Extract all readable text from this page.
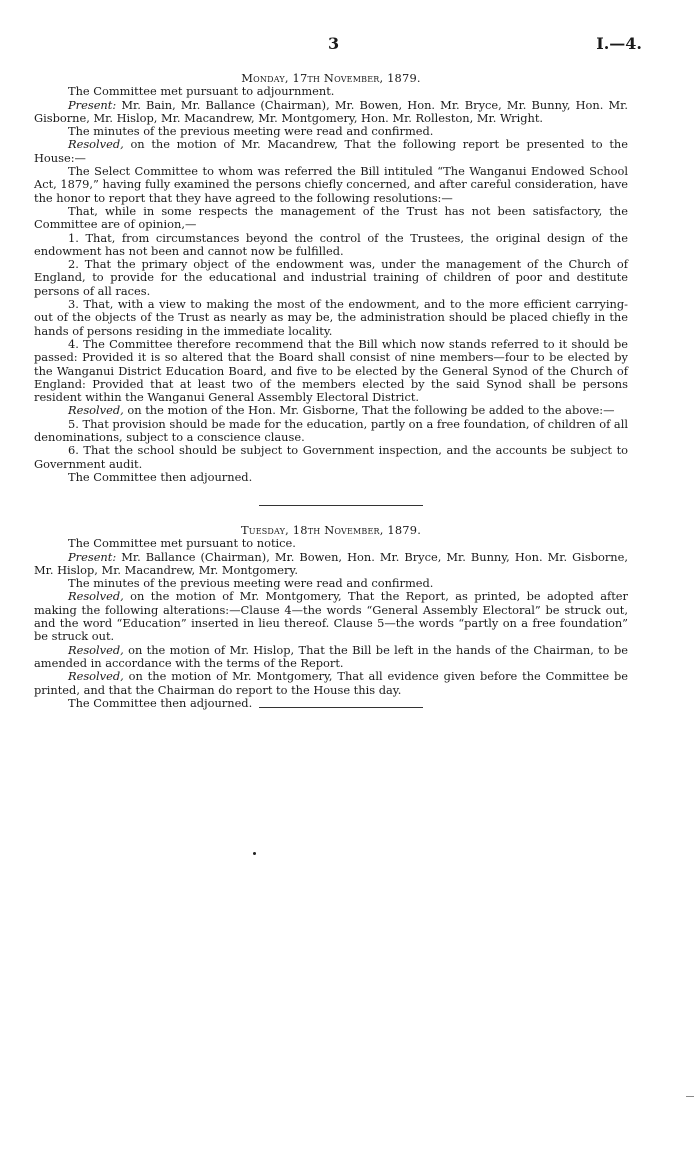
3	I.—4.

Monday, 17th November, 1879.

The Committee met pursuant to adjournment.

Present: Mr. Bain, Mr. Ballance (Chairman), Mr. Bowen, Hon. Mr. Bryce, Mr. Bunny, Hon. Mr. Gisborne, Mr. Hislop, Mr. Macandrew, Mr. Montgomery, Hon. Mr. Rolleston, Mr. Wright.

The minutes of the previous meeting were read and confirmed.

Resolved, on the motion of Mr. Macandrew, That the following report be presented to the House:—

The Select Committee to whom was referred the Bill intituled “The Wanganui Endowed School Act, 1879,” having fully examined the persons chiefly concerned, and after careful consideration, have the honor to report that they have agreed to the following resolutions:—

That, while in some respects the management of the Trust has not been satisfactory, the Committee are of opinion,—

1. That, from circumstances beyond the control of the Trustees, the original design of the endowment has not been and cannot now be fulfilled.

2. That the primary object of the endowment was, under the management of the Church of England, to provide for the educational and industrial training of children of poor and destitute persons of all races.

3. That, with a view to making the most of the endowment, and to the more efficient carrying-out of the objects of the Trust as nearly as may be, the administration should be placed chiefly in the hands of persons residing in the immediate locality.

4. The Committee therefore recommend that the Bill which now stands referred to it should be passed: Provided it is so altered that the Board shall consist of nine members—four to be elected by the Wanganui District Education Board, and five to be elected by the General Synod of the Church of England: Provided that at least two of the members elected by the said Synod shall be persons resident within the Wanganui General Assembly Electoral District.

Resolved, on the motion of the Hon. Mr. Gisborne, That the following be added to the above:—

5. That provision should be made for the education, partly on a free foundation, of children of all denominations, subject to a conscience clause.

6. That the school should be subject to Government inspection, and the accounts be subject to Government audit.

The Committee then adjourned.

Tuesday, 18th November, 1879.

The Committee met pursuant to notice.

Present: Mr. Ballance (Chairman), Mr. Bowen, Hon. Mr. Bryce, Mr. Bunny, Hon. Mr. Gisborne, Mr. Hislop, Mr. Macandrew, Mr. Montgomery.

The minutes of the previous meeting were read and confirmed.

Resolved, on the motion of Mr. Montgomery, That the Report, as printed, be adopted after making the following alterations:—Clause 4—the words “General Assembly Electoral” be struck out, and the word “Education” inserted in lieu thereof. Clause 5—the words “partly on a free foundation” be struck out.

Resolved, on the motion of Mr. Hislop, That the Bill be left in the hands of the Chairman, to be amended in accordance with the terms of the Report.

Resolved, on the motion of Mr. Montgomery, That all evidence given before the Committee be printed, and that the Chairman do report to the House this day.

The Committee then adjourned.
